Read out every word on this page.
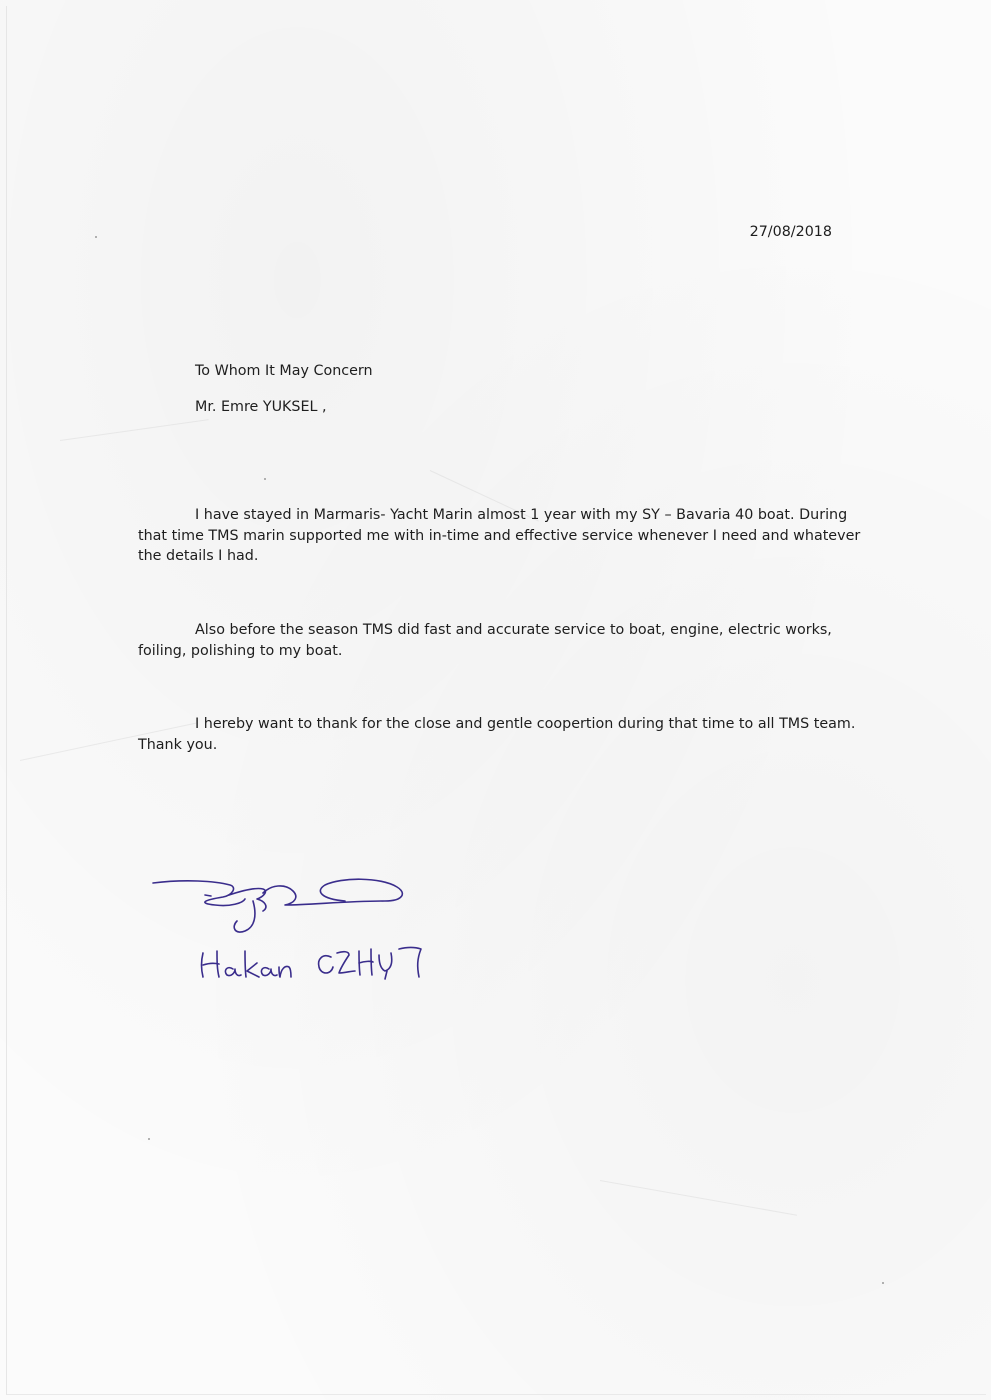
27/08/2018
To Whom It May Concern
Mr. Emre YUKSEL ,
I have stayed in Marmaris- Yacht Marin almost 1 year with my SY – Bavaria 40 boat. During
that time TMS marin supported me with in-time and effective service whenever I need and whatever
the details I had.
Also before the season TMS did fast and accurate service to boat, engine, electric works,
foiling, polishing to my boat.
I hereby want to thank for the close and gentle coopertion during that time to all TMS team.
Thank you.
